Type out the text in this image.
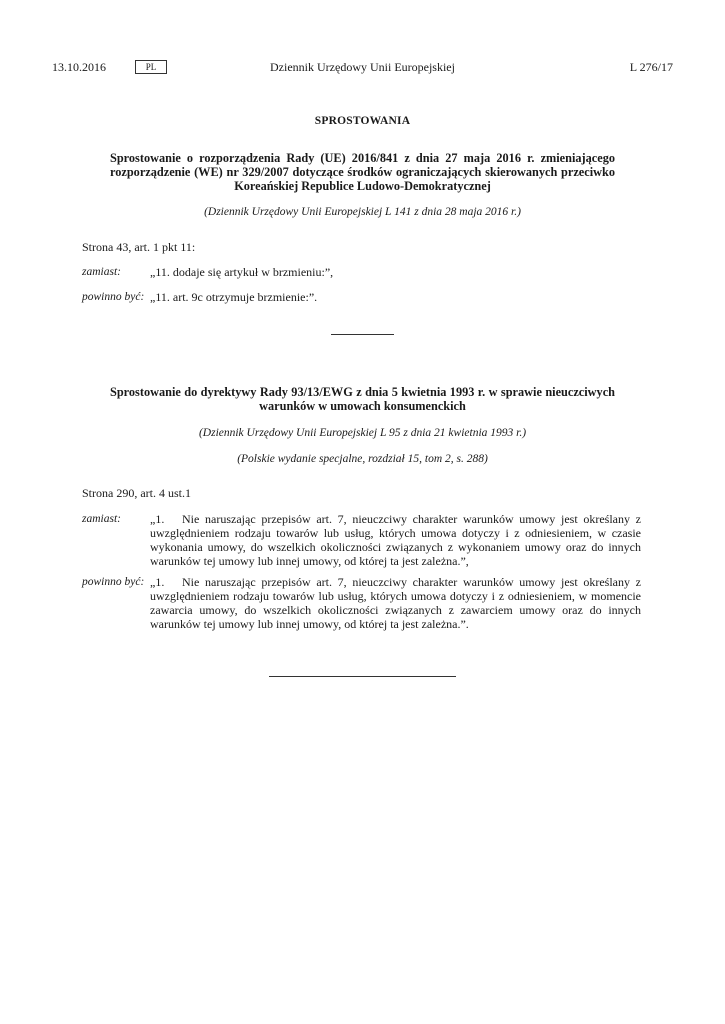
13.10.2016	PL	Dziennik Urzędowy Unii Europejskiej	L 276/17
SPROSTOWANIA
Sprostowanie o rozporządzenia Rady (UE) 2016/841 z dnia 27 maja 2016 r. zmieniającego rozporządzenie (WE) nr 329/2007 dotyczące środków ograniczających skierowanych przeciwko Koreańskiej Republice Ludowo-Demokratycznej
(Dziennik Urzędowy Unii Europejskiej L 141 z dnia 28 maja 2016 r.)
Strona 43, art. 1 pkt 11:
zamiast: „11. dodaje się artykuł w brzmieniu:”,
powinno być: „11. art. 9c otrzymuje brzmienie:”.
Sprostowanie do dyrektywy Rady 93/13/EWG z dnia 5 kwietnia 1993 r. w sprawie nieuczciwych warunków w umowach konsumenckich
(Dziennik Urzędowy Unii Europejskiej L 95 z dnia 21 kwietnia 1993 r.)
(Polskie wydanie specjalne, rozdział 15, tom 2, s. 288)
Strona 290, art. 4 ust.1
zamiast: „1. Nie naruszając przepisów art. 7, nieuczciwy charakter warunków umowy jest określany z uwzględnieniem rodzaju towarów lub usług, których umowa dotyczy i z odniesieniem, w czasie wykonania umowy, do wszelkich okoliczności związanych z wykonaniem umowy oraz do innych warunków tej umowy lub innej umowy, od której ta jest zależna.”,
powinno być: „1. Nie naruszając przepisów art. 7, nieuczciwy charakter warunków umowy jest określany z uwzględnieniem rodzaju towarów lub usług, których umowa dotyczy i z odniesieniem, w momencie zawarcia umowy, do wszelkich okoliczności związanych z zawarciem umowy oraz do innych warunków tej umowy lub innej umowy, od której ta jest zależna.”.
